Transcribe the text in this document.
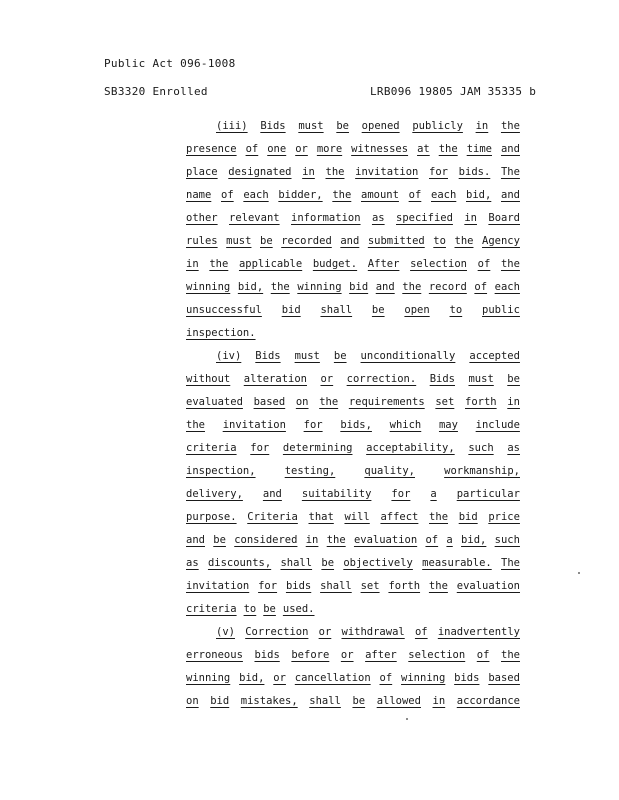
Public Act 096-1008
SB3320 Enrolled	LRB096 19805 JAM 35335 b
(iii) Bids must be opened publicly in the
presence of one or more witnesses at the time and
place designated in the invitation for bids. The
name of each bidder, the amount of each bid, and
other relevant information as specified in Board
rules must be recorded and submitted to the Agency
in the applicable budget. After selection of the
winning bid, the winning bid and the record of each
unsuccessful bid shall be open to public
inspection.
(iv) Bids must be unconditionally accepted
without alteration or correction. Bids must be
evaluated based on the requirements set forth in
the invitation for bids, which may include
criteria for determining acceptability, such as
inspection,	testing,	quality,	workmanship,
delivery, and suitability for a particular
purpose. Criteria that will affect the bid price
and be considered in the evaluation of a bid, such
as discounts, shall be objectively measurable. The
invitation for bids shall set forth the evaluation
criteria to be used.
(v) Correction or withdrawal of inadvertently
erroneous bids before or after selection of the
winning bid, or cancellation of winning bids based
on bid mistakes, shall be allowed in accordance
